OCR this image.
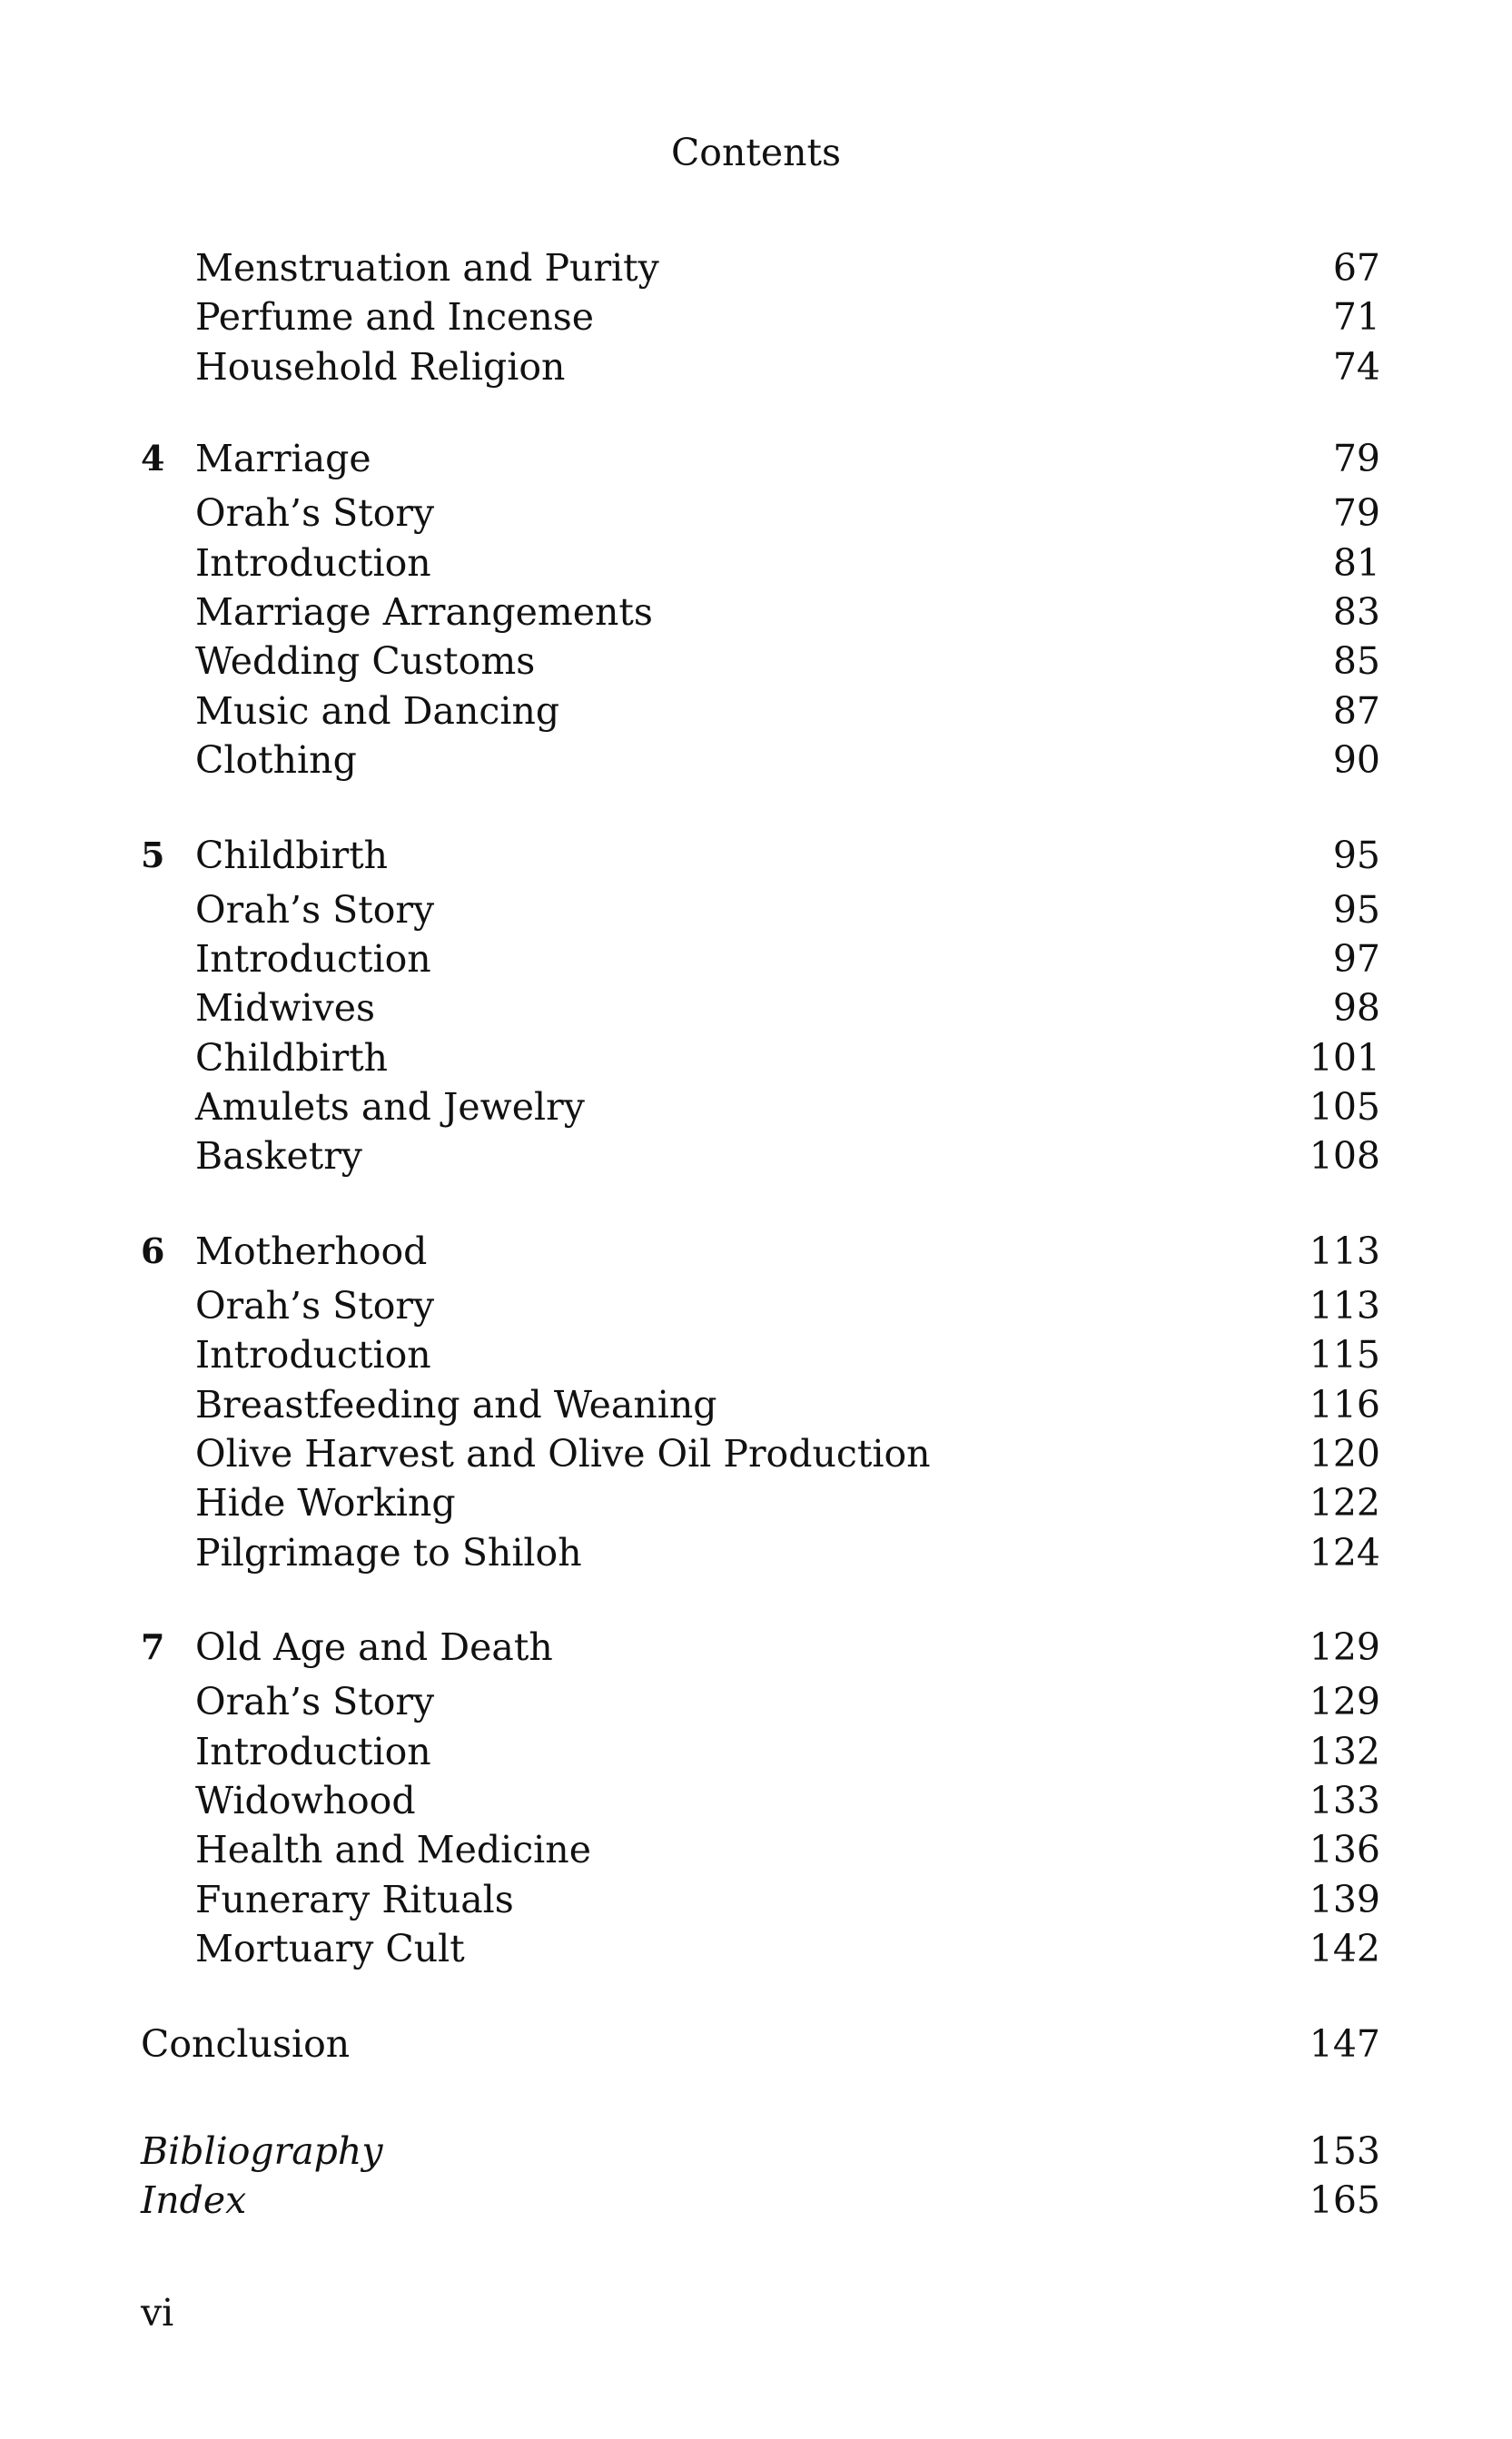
Contents
Menstruation and Purity	67
Perfume and Incense	71
Household Religion	74
4 Marriage	79
Orah’s Story	79
Introduction	81
Marriage Arrangements	83
Wedding Customs	85
Music and Dancing	87
Clothing	90
5 Childbirth	95
Orah’s Story	95
Introduction	97
Midwives	98
Childbirth	101
Amulets and Jewelry	105
Basketry	108
6 Motherhood	113
Orah’s Story	113
Introduction	115
Breastfeeding and Weaning	116
Olive Harvest and Olive Oil Production	120
Hide Working	122
Pilgrimage to Shiloh	124
7 Old Age and Death	129
Orah’s Story	129
Introduction	132
Widowhood	133
Health and Medicine	136
Funerary Rituals	139
Mortuary Cult	142
Conclusion	147
Bibliography	153
Index	165
vi
